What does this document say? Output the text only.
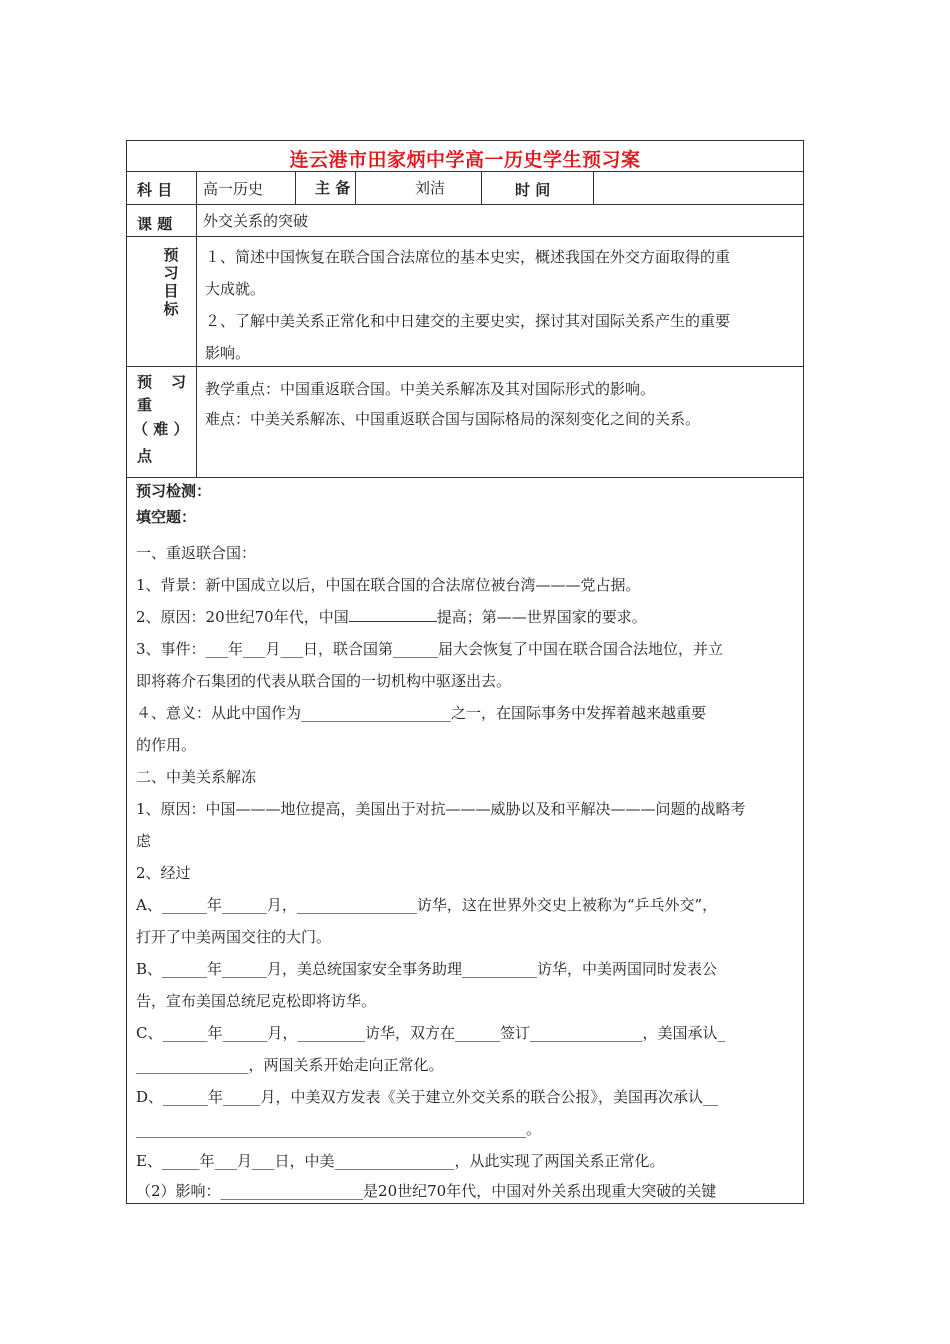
连云港市田家炳中学高一历史学生预习案
科 目 高一历史	主 备	刘洁	时 间
课 题 外交关系的突破
预
习
目
标
１、简述中国恢复在联合国合法席位的基本史实，概述我国在外交方面取得的重
大成就。
２、了解中美关系正常化和中日建交的主要史实，探讨其对国际关系产生的重要
影响。
预　习
重
（ 难 ）
点
教学重点：中国重返联合国。中美关系解冻及其对国际形式的影响。
难点：中美关系解冻、中国重返联合国与国际格局的深刻变化之间的关系。
预习检测：
填空题：
一、重返联合国：
1、背景：新中国成立以后，中国在联合国的合法席位被台湾———党占据。
2、原因：20世纪70年代，中国	提高；第——世界国家的要求。
3、事件：___年___月___日，联合国第______届大会恢复了中国在联合国合法地位，并立
即将蒋介石集团的代表从联合国的一切机构中驱逐出去。
４、意义：从此中国作为____________________之一，在国际事务中发挥着越来越重要
的作用。
二、中美关系解冻
1、原因：中国———地位提高，美国出于对抗———威胁以及和平解决———问题的战略考
虑
2、经过
A、______年______月，________________访华，这在世界外交史上被称为“乒乓外交”，
打开了中美两国交往的大门。
B、______年______月，美总统国家安全事务助理__________访华，中美两国同时发表公
告，宣布美国总统尼克松即将访华。
C、______年______月，_________访华，双方在______签订_______________，美国承认_
_______________，两国关系开始走向正常化。
D、______年_____月，中美双方发表《关于建立外交关系的联合公报》，美国再次承认__
____________________________________________________。
E、_____年___月___日，中美________________，从此实现了两国关系正常化。
（2）影响：___________________是20世纪70年代，中国对外关系出现重大突破的关键
